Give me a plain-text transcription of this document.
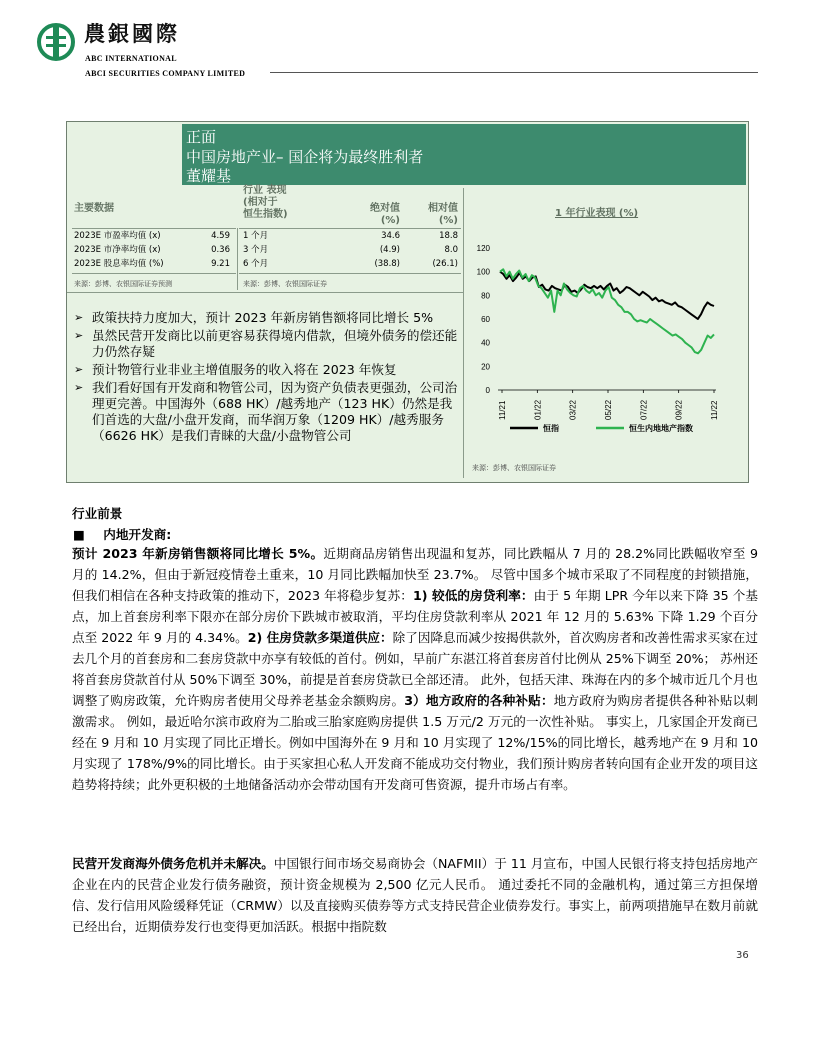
農銀國際
ABC INTERNATIONAL
ABCI SECURITIES COMPANY LIMITED
正面
中国房地产业– 国企将为最终胜利者
董耀基
主要数据
2023E 市盈率均值 (x)	4.59
2023E 市净率均值 (x)	0.36
2023E 股息率均值 (%)	9.21
来源：彭博、农银国际证券预测
行业 表现
(相对于
恒生指数)
绝对值
(%)
相对值
(%)
1 个月	34.6	18.8
3 个月	(4.9)	8.0
6 个月	(38.8)	(26.1)
来源：彭博、农银国际证券
➢ 政策扶持力度加大，预计 2023 年新房销售额将同比增长 5%
➢ 虽然民营开发商比以前更容易获得境内借款，但境外债务的偿还能力仍然存疑
➢ 预计物管行业非业主增值服务的收入将在 2023 年恢复
➢ 我们看好国有开发商和物管公司，因为资产负债表更强劲，公司治理更完善。中国海外（688 HK）/越秀地产（123 HK）仍然是我们首选的大盘/小盘开发商，而华润万象（1209 HK）/越秀服务（6626 HK）是我们青睐的大盘/小盘物管公司
1 年行业表现 (%)
0
20
40
60
80
100
120
11/21	01/22	03/22	05/22	07/22	09/22	11/22
恒指	恒生内地地产指数
来源：彭博、农银国际证券
行业前景
■ 内地开发商:
预计 2023 年新房销售额将同比增长 5%。近期商品房销售出现温和复苏，同比跌幅从 7 月的 28.2%同比跌幅收窄至 9 月的 14.2%，但由于新冠疫情卷土重来，10 月同比跌幅加快至 23.7%。 尽管中国多个城市采取了不同程度的封锁措施，但我们相信在各种支持政策的推动下，2023 年将稳步复苏：1) 较低的房贷利率：由于 5 年期 LPR 今年以来下降 35 个基点，加上首套房利率下限亦在部分房价下跌城市被取消，平均住房贷款利率从 2021 年 12 月的 5.63% 下降 1.29 个百分点至 2022 年 9 月的 4.34%。2) 住房贷款多渠道供应：除了因降息而减少按揭供款外，首次购房者和改善性需求买家在过去几个月的首套房和二套房贷款中亦享有较低的首付。例如，早前广东湛江将首套房首付比例从 25%下调至 20%； 苏州还将首套房贷款首付从 50%下调至 30%，前提是首套房贷款已全部还清。 此外，包括天津、珠海在内的多个城市近几个月也调整了购房政策，允许购房者使用父母养老基金余额购房。3）地方政府的各种补贴：地方政府为购房者提供各种补贴以刺激需求。 例如，最近哈尔滨市政府为二胎或三胎家庭购房提供 1.5 万元/2 万元的一次性补贴。 事实上，几家国企开发商已经在 9 月和 10 月实现了同比正增长。例如中国海外在 9 月和 10 月实现了 12%/15%的同比增长，越秀地产在 9 月和 10 月实现了 178%/9%的同比增长。由于买家担心私人开发商不能成功交付物业，我们预计购房者转向国有企业开发的项目这趋势将持续；此外更积极的土地储备活动亦会带动国有开发商可售资源，提升市场占有率。
民营开发商海外债务危机并未解决。中国银行间市场交易商协会（NAFMII）于 11 月宣布，中国人民银行将支持包括房地产企业在内的民营企业发行债务融资，预计资金规模为 2,500 亿元人民币。 通过委托不同的金融机构，通过第三方担保增信、发行信用风险缓释凭证（CRMW）以及直接购买债券等方式支持民营企业债券发行。事实上，前两项措施早在数月前就已经出台，近期债券发行也变得更加活跃。根据中指院数
36
